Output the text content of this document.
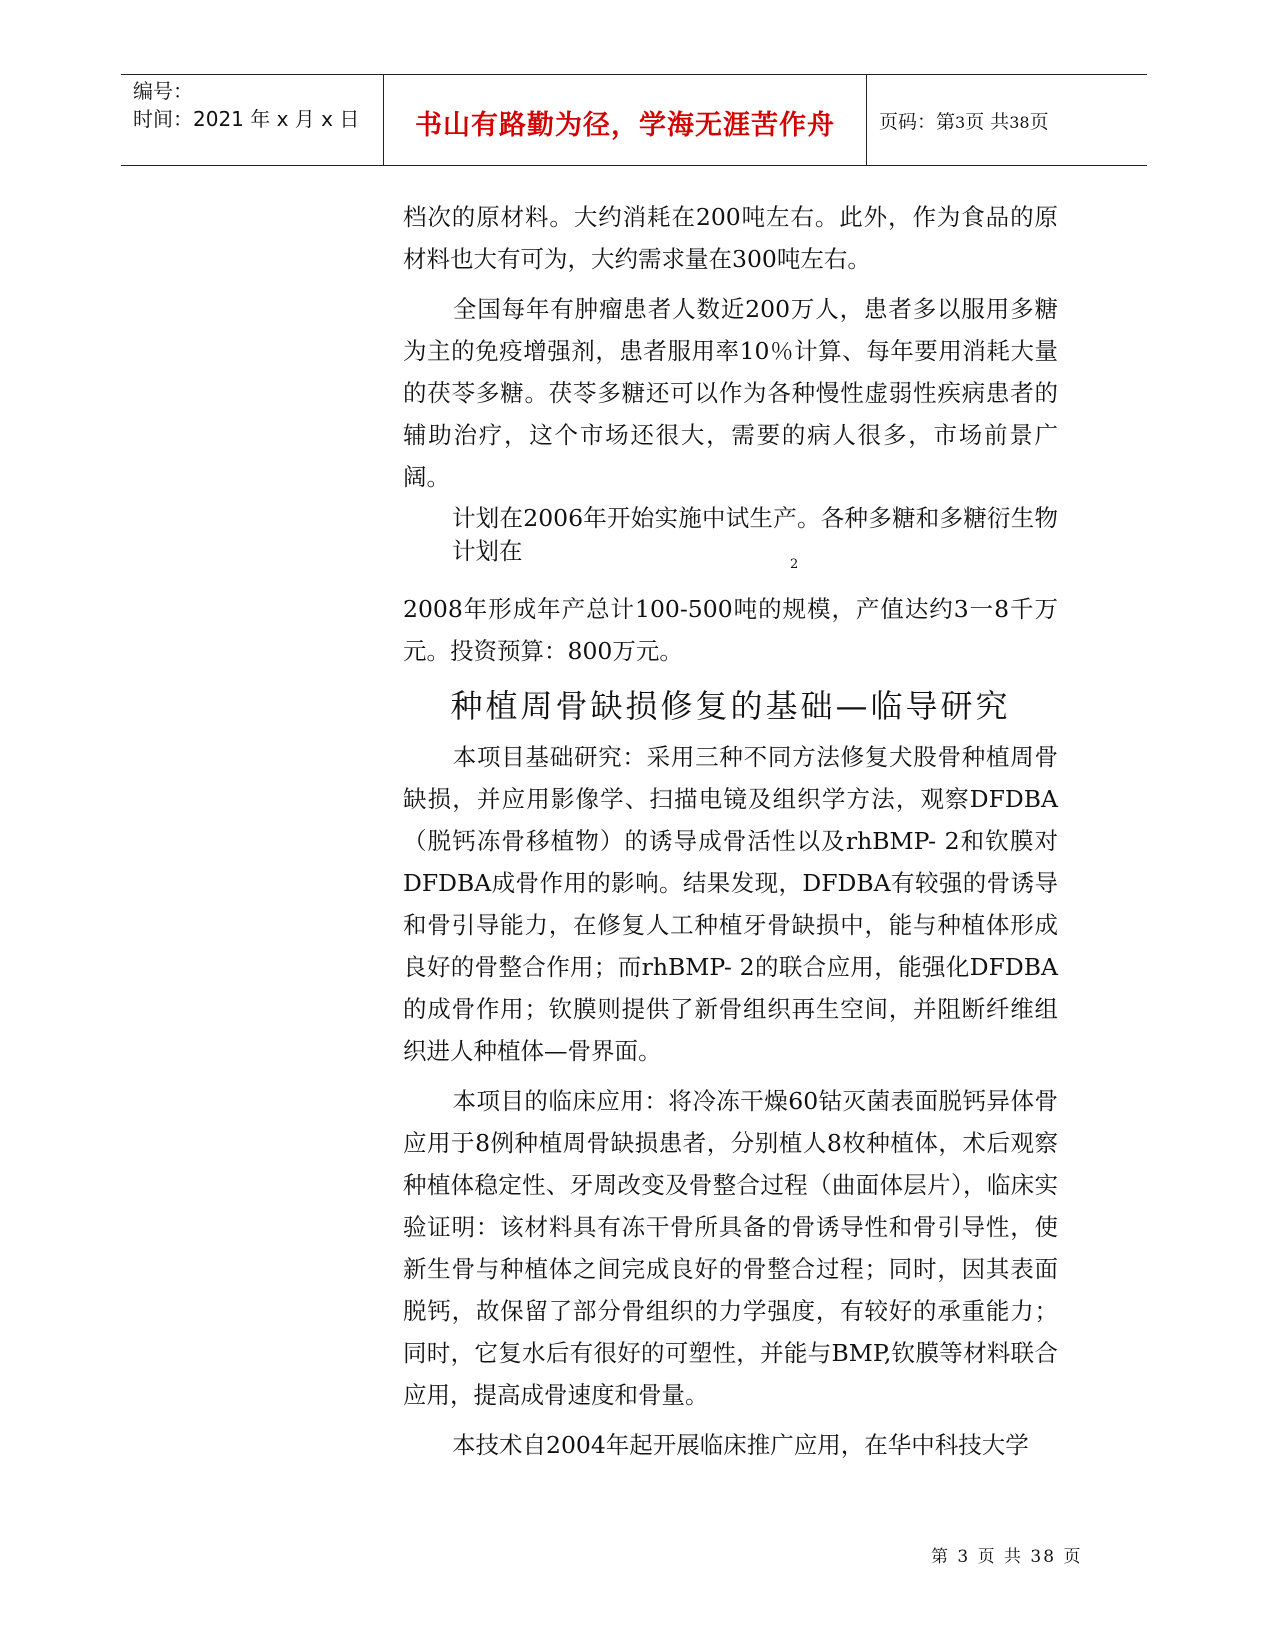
编号：
时间：2021 年 x 月 x 日	书山有路勤为径，学海无涯苦作舟	页码：第3页 共38页

档次的原材料。大约消耗在200吨左右。此外，作为食品的原材料也大有可为，大约需求量在300吨左右。

全国每年有肿瘤患者人数近200万人，患者多以服用多糖为主的免疫增强剂，患者服用率10％计算、每年要用消耗大量的茯苓多糖。茯苓多糖还可以作为各种慢性虚弱性疾病患者的辅助治疗，这个市场还很大，需要的病人很多，市场前景广阔。

计划在2006年开始实施中试生产。各种多糖和多糖衍生物计划在	2

2008年形成年产总计100-500吨的规模，产值达约3一8千万元。投资预算：800万元。

种植周骨缺损修复的基础—临导研究

本项目基础研究：采用三种不同方法修复犬股骨种植周骨缺损，并应用影像学、扫描电镜及组织学方法，观察DFDBA（脱钙冻骨移植物）的诱导成骨活性以及rhBMP- 2和钦膜对DFDBA成骨作用的影响。结果发现，DFDBA有较强的骨诱导和骨引导能力，在修复人工种植牙骨缺损中，能与种植体形成良好的骨整合作用；而rhBMP- 2的联合应用，能强化DFDBA的成骨作用；钦膜则提供了新骨组织再生空间，并阻断纤维组织进人种植体—骨界面。

本项目的临床应用：将冷冻干燥60钴灭菌表面脱钙异体骨应用于8例种植周骨缺损患者，分别植人8枚种植体，术后观察种植体稳定性、牙周改变及骨整合过程（曲面体层片），临床实验证明：该材料具有冻干骨所具备的骨诱导性和骨引导性，使新生骨与种植体之间完成良好的骨整合过程；同时，因其表面脱钙，故保留了部分骨组织的力学强度，有较好的承重能力；同时，它复水后有很好的可塑性，并能与BMP,钦膜等材料联合应用，提高成骨速度和骨量。

本技术自2004年起开展临床推广应用，在华中科技大学

第 3 页 共 38 页
